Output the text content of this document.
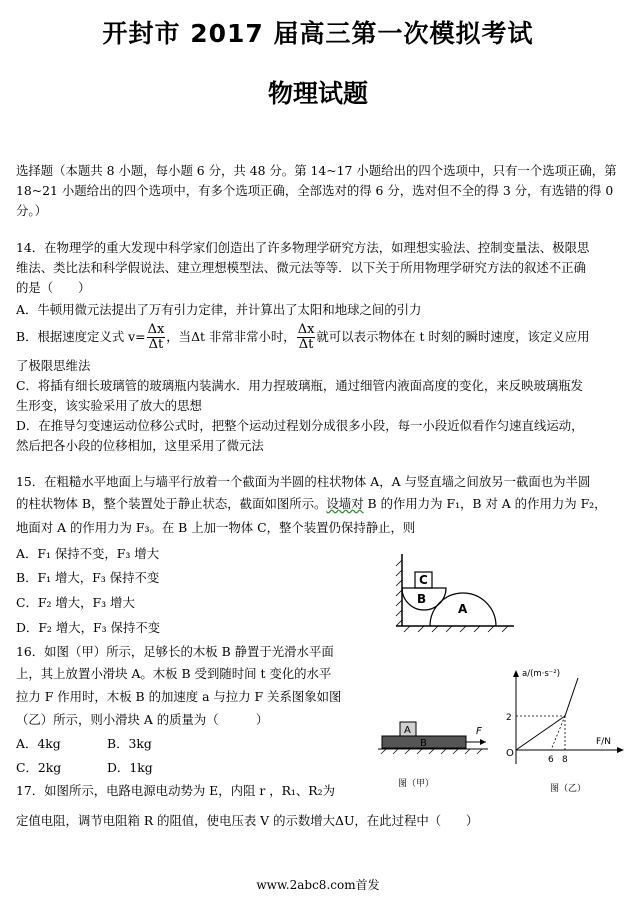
开封市 2017 届高三第一次模拟考试
物理试题
选择题（本题共 8 小题，每小题 6 分，共 48 分。第 14~17 小题给出的四个选项中，只有一个选项正确，第
18~21 小题给出的四个选项中，有多个选项正确，全部选对的得 6 分，选对但不全的得 3 分，有选错的得 0
分。）
14．在物理学的重大发现中科学家们创造出了许多物理学研究方法，如理想实验法、控制变量法、极限思
维法、类比法和科学假说法、建立理想模型法、微元法等等．以下关于所用物理学研究方法的叙述不正确
的是（　　）
A．牛顿用微元法提出了万有引力定律，并计算出了太阳和地球之间的引力
B．根据速度定义式 $v= \frac{\Delta x}{\Delta t}$ ，当Δt 非常非常小时， $\frac{\Delta x}{\Delta t}$ 就可以表示物体在 t 时刻的瞬时速度，该定义应用
了极限思维法
C．将插有细长玻璃管的玻璃瓶内装满水．用力捏玻璃瓶，通过细管内液面高度的变化，来反映玻璃瓶发
生形变，该实验采用了放大的思想
D．在推导匀变速运动位移公式时，把整个运动过程划分成很多小段，每一小段近似看作匀速直线运动，
然后把各小段的位移相加，这里采用了微元法
15．在粗糙水平地面上与墙平行放着一个截面为半圆的柱状物体 A，A 与竖直墙之间放另一截面也为半圆
的柱状物体 B，整个装置处于静止状态，截面如图所示。设墙对 B 的作用力为 F₁，B 对 A 的作用力为 F₂，
地面对 A 的作用力为 F₃。在 B 上加一物体 C，整个装置仍保持静止，则
A．F₁ 保持不变，F₃ 增大
B．F₁ 增大，F₃ 保持不变
C．F₂ 增大，F₃ 增大
D．F₂ 增大，F₃ 保持不变
A
B
C
16．如图（甲）所示，足够长的木板 B 静置于光滑水平面
上，其上放置小滑块 A。木板 B 受到随时间 t 变化的水平
拉力 F 作用时，木板 B 的加速度 a 与拉力 F 关系图象如图
（乙）所示，则小滑块 A 的质量为（　　　）
A．4kg	B．3kg
C．2kg	D．1kg
A
B
F
图（甲）
a/(m·s⁻²)
F/N
O
2
6 8
图（乙）
17．如图所示，电路电源电动势为 E，内阻 r ，R₁、R₂为
定值电阻，调节电阻箱 R 的阻值，使电压表 V 的示数增大ΔU，在此过程中（　　）
www.2abc8.com首发
